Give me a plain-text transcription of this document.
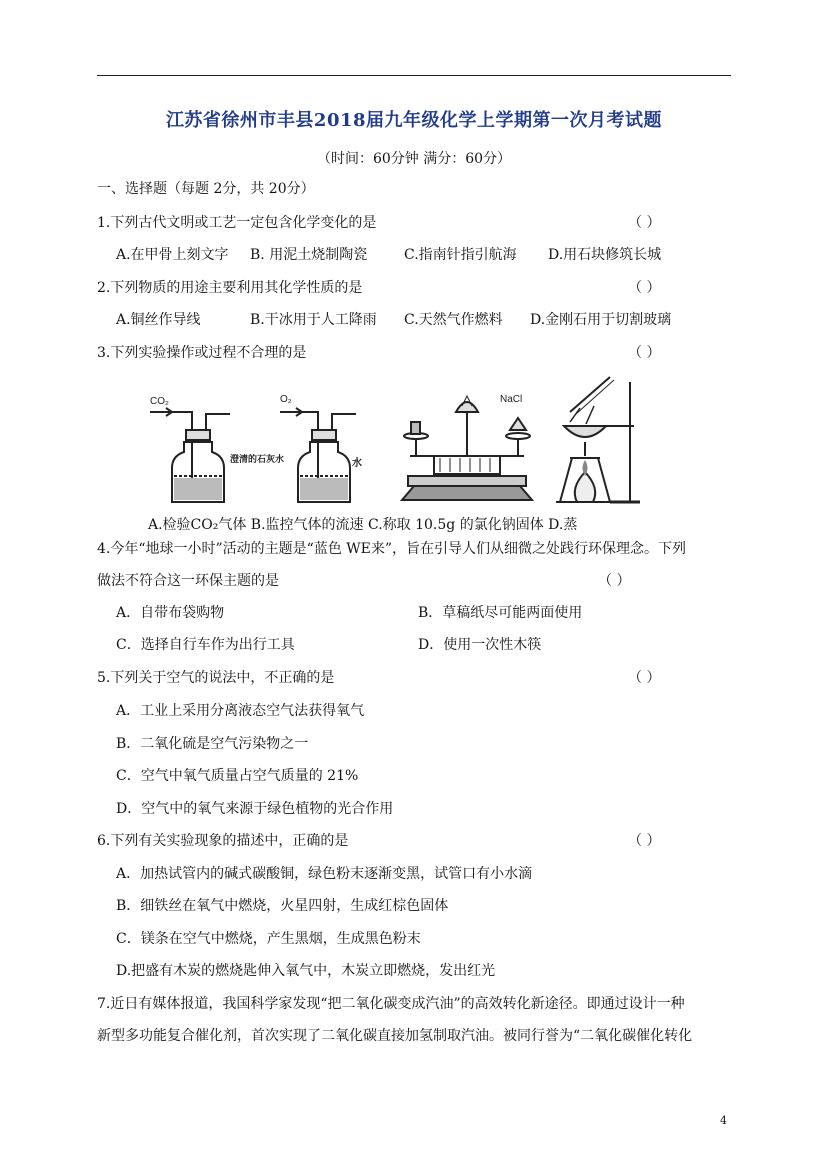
江苏省徐州市丰县2018届九年级化学上学期第一次月考试题
（时间：60分钟 满分：60分）
一、选择题（每题 2分，共 20分）
1.下列古代文明或工艺一定包含化学变化的是	（ ）
A.在甲骨上刻文字 B. 用泥土烧制陶瓷	C.指南针指引航海 D.用石块修筑长城
2.下列物质的用途主要利用其化学性质的是	（ ）
A.铜丝作导线	B.干冰用于人工降雨 C.天然气作燃料 D.金刚石用于切割玻璃
3.下列实验操作或过程不合理的是	（ ）
CO₂
澄清的石灰水
O₂
水
NaCl
A.检验CO₂气体 B.监控气体的流速 C.称取 10.5g 的氯化钠固体 D.蒸
4.今年“地球一小时”活动的主题是“蓝色 WE来”，旨在引导人们从细微之处践行环保理念。下列
做法不符合这一环保主题的是	（ ）
A．自带布袋购物	B．草稿纸尽可能两面使用
C．选择自行车作为出行工具	D．使用一次性木筷
5.下列关于空气的说法中，不正确的是	（ ）
A．工业上采用分离液态空气法获得氧气
B．二氧化硫是空气污染物之一
C．空气中氧气质量占空气质量的 21%
D．空气中的氧气来源于绿色植物的光合作用
6.下列有关实验现象的描述中，正确的是	（ ）
A．加热试管内的碱式碳酸铜，绿色粉末逐渐变黑，试管口有小水滴
B．细铁丝在氧气中燃烧，火星四射，生成红棕色固体
C．镁条在空气中燃烧，产生黑烟，生成黑色粉末
D.把盛有木炭的燃烧匙伸入氧气中，木炭立即燃烧，发出红光
7.近日有媒体报道，我国科学家发现“把二氧化碳变成汽油”的高效转化新途径。即通过设计一种
新型多功能复合催化剂，首次实现了二氧化碳直接加氢制取汽油。被同行誉为“二氧化碳催化转化
4
